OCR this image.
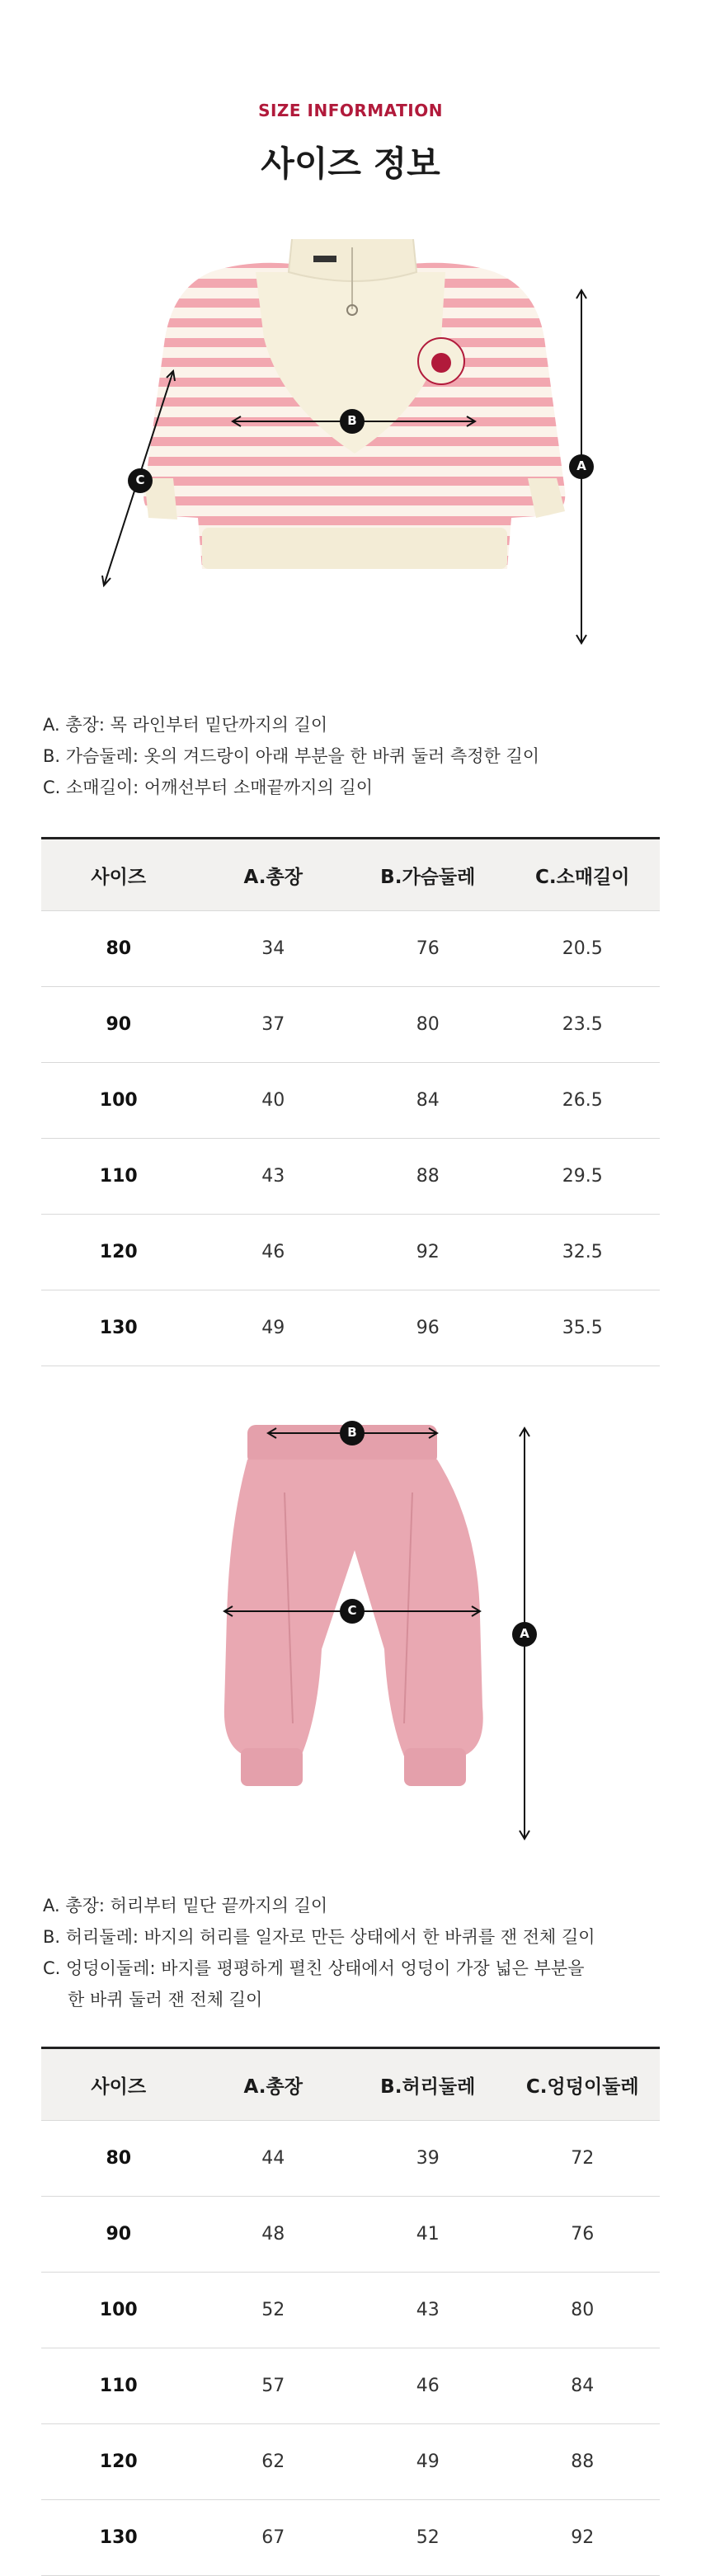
SIZE INFORMATION
사이즈 정보
A
B
C
A. 총장: 목 라인부터 밑단까지의 길이
B. 가슴둘레: 옷의 겨드랑이 아래 부분을 한 바퀴 둘러 측정한 길이
C. 소매길이: 어깨선부터 소매끝까지의 길이
사이즈	A.총장	B.가슴둘레	C.소매길이
80	34	76	20.5
90	37	80	23.5
100	40	84	26.5
110	43	88	29.5
120	46	92	32.5
130	49	96	35.5
A
B
C
A. 총장: 허리부터 밑단 끝까지의 길이
B. 허리둘레: 바지의 허리를 일자로 만든 상태에서 한 바퀴를 잰 전체 길이
C. 엉덩이둘레: 바지를 평평하게 펼친 상태에서 엉덩이 가장 넓은 부분을
한 바퀴 둘러 잰 전체 길이
사이즈	A.총장	B.허리둘레	C.엉덩이둘레
80	44	39	72
90	48	41	76
100	52	43	80
110	57	46	84
120	62	49	88
130	67	52	92
